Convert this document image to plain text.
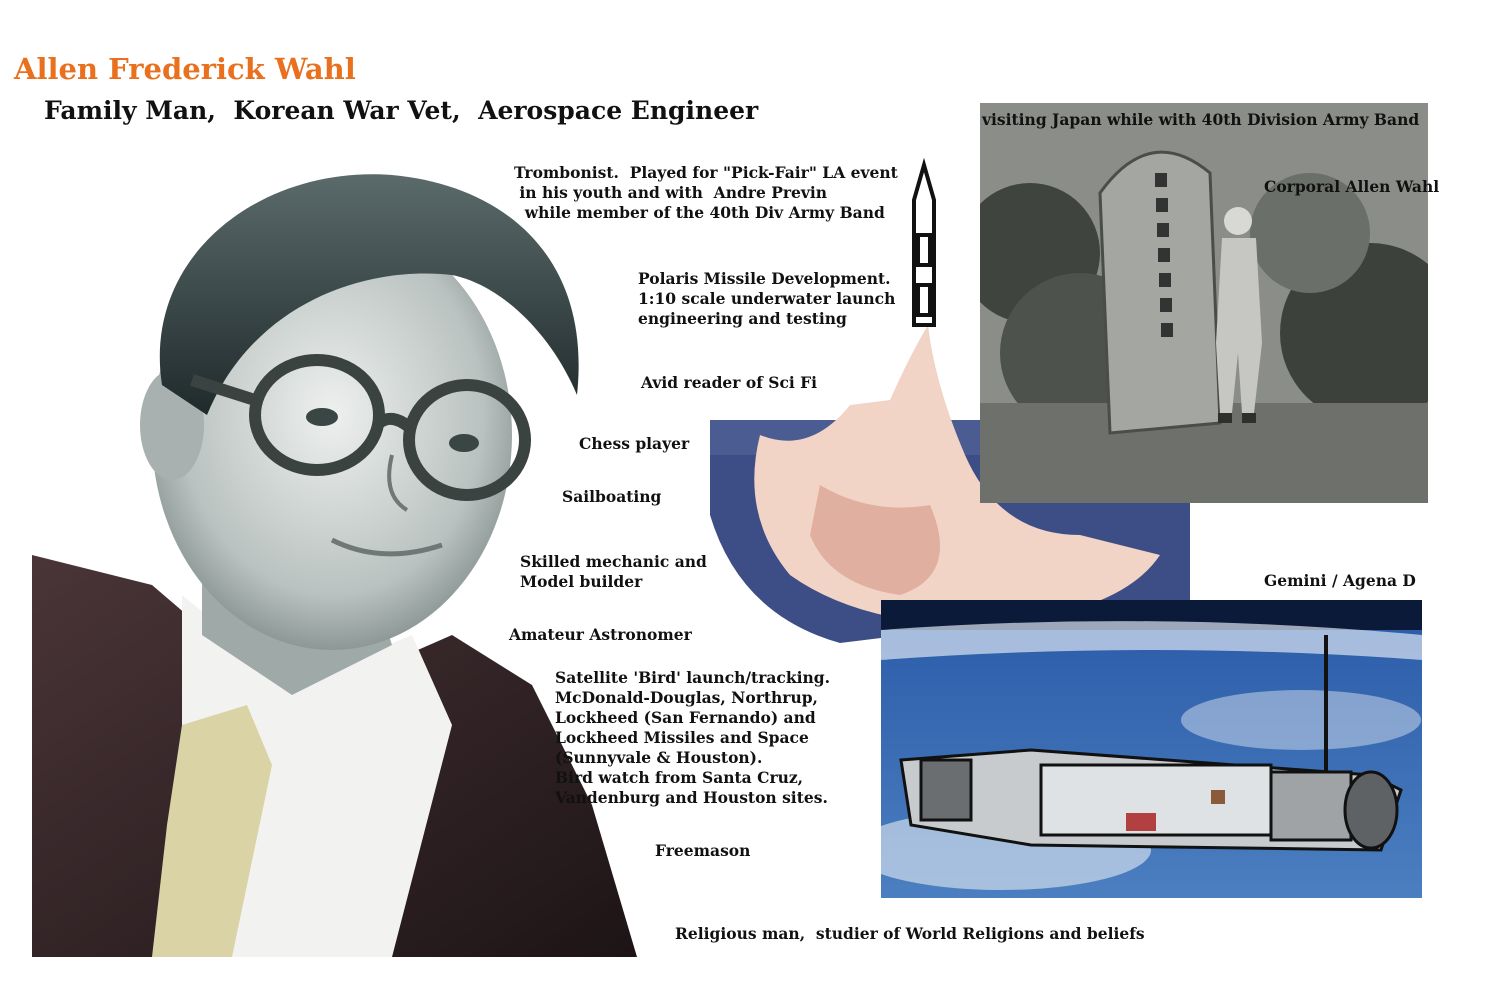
Allen Frederick Wahl
Family Man,  Korean War Vet,  Aerospace Engineer
Trombonist.  Played for "Pick-Fair" LA event
in his youth and with  Andre Previn
while member of the 40th Div Army Band
Polaris Missile Development.
1:10 scale underwater launch
engineering and testing
Avid reader of Sci Fi
Chess player
Sailboating
Skilled mechanic and
Model builder
Amateur Astronomer
Satellite 'Bird' launch/tracking.
McDonald-Douglas, Northrup,
Lockheed (San Fernando) and
Lockheed Missiles and Space
(Sunnyvale & Houston).
Bird watch from Santa Cruz,
Vandenburg and Houston sites.
Freemason
Religious man,  studier of World Religions and beliefs
visiting Japan while with 40th Division Army Band
Corporal Allen Wahl
Gemini / Agena D
